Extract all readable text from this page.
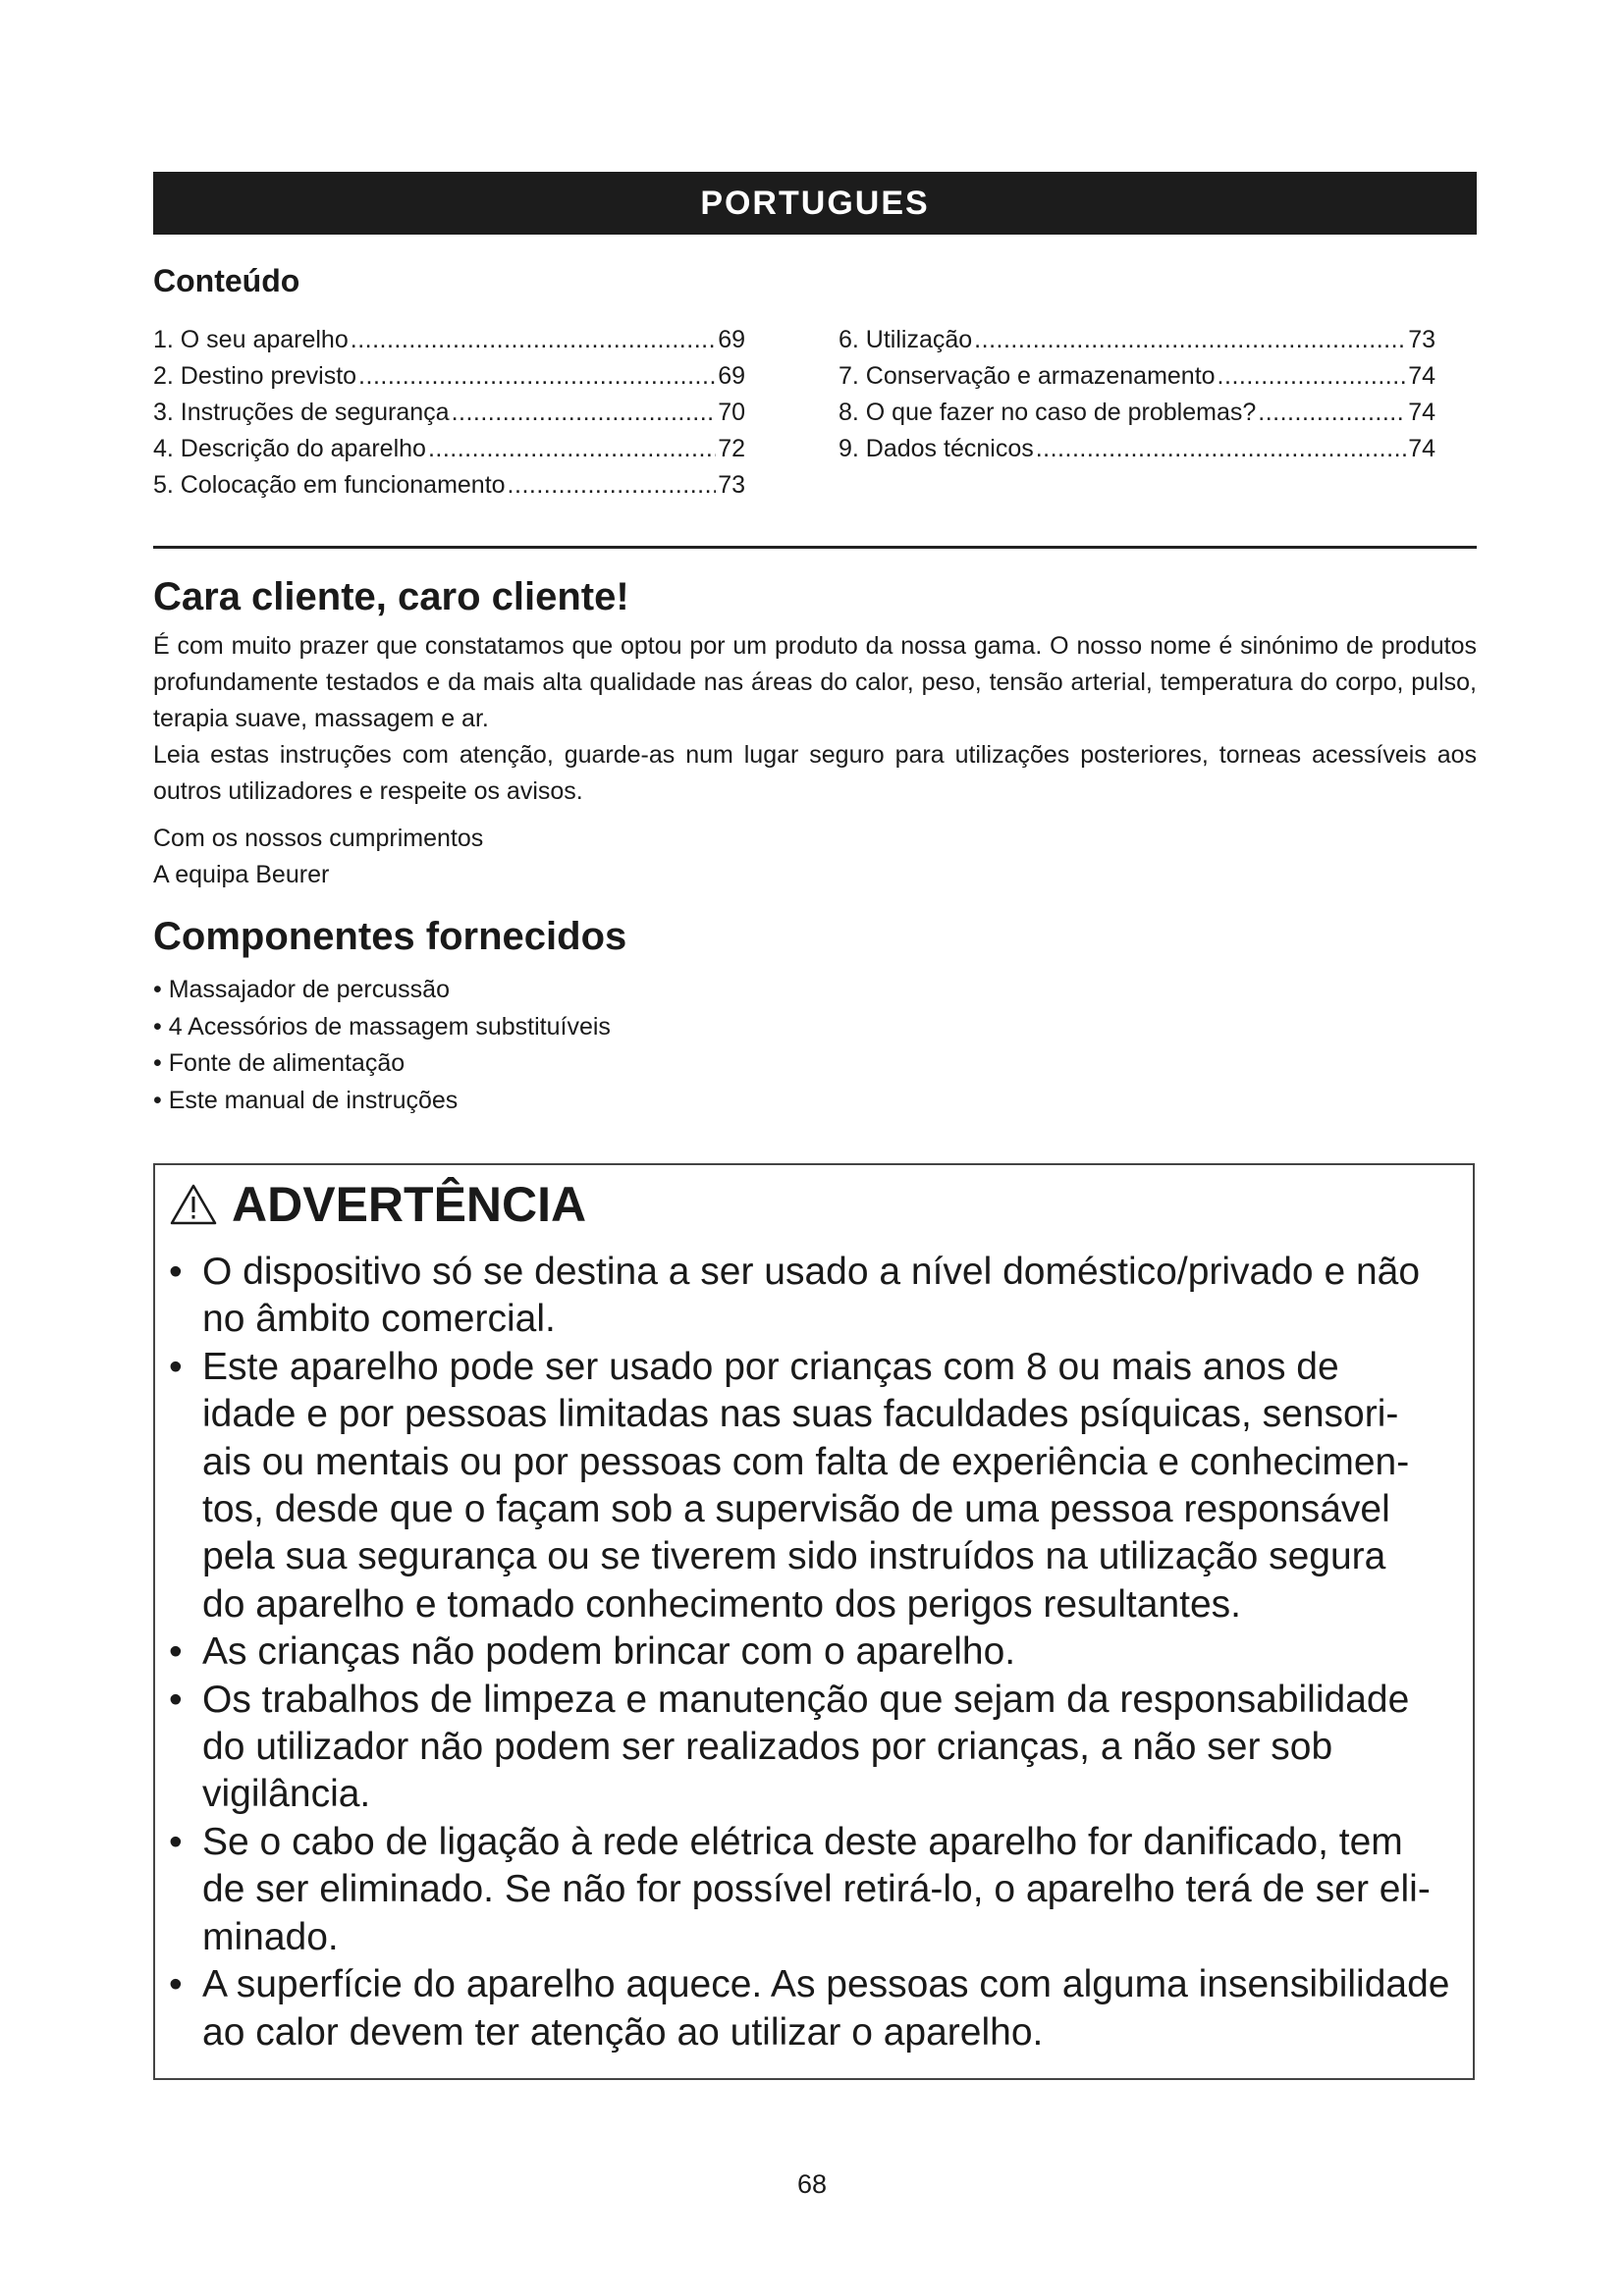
PORTUGUES
Conteúdo
1. O seu aparelho .....	69
2. Destino previsto .....	69
3. Instruções de segurança .....	70
4. Descrição do aparelho .....	72
5. Colocação em funcionamento .....	73
6. Utilização .....	73
7. Conservação e armazenamento .....	74
8. O que fazer no caso de problemas? .....	74
9. Dados técnicos .....	74
Cara cliente, caro cliente!
É com muito prazer que constatamos que optou por um produto da nossa gama. O nosso nome é sinónimo de produtos profundamente testados e da mais alta qualidade nas áreas do calor, peso, tensão arterial, temperatura do corpo, pulso, terapia suave, massagem e ar.
Leia estas instruções com atenção, guarde-as num lugar seguro para utilizações posteriores, torneas acessíveis aos outros utilizadores e respeite os avisos.
Com os nossos cumprimentos
A equipa Beurer
Componentes fornecidos
• Massajador de percussão
• 4 Acessórios de massagem substituíveis
• Fonte de alimentação
• Este manual de instruções
ADVERTÊNCIA
• O dispositivo só se destina a ser usado a nível doméstico/privado e não
no âmbito comercial.
• Este aparelho pode ser usado por crianças com 8 ou mais anos de
idade e por pessoas limitadas nas suas faculdades psíquicas, sensori-
ais ou mentais ou por pessoas com falta de experiência e conhecimen-
tos, desde que o façam sob a supervisão de uma pessoa responsável
pela sua segurança ou se tiverem sido instruídos na utilização segura
do aparelho e tomado conhecimento dos perigos resultantes.
• As crianças não podem brincar com o aparelho.
• Os trabalhos de limpeza e manutenção que sejam da responsabilidade
do utilizador não podem ser realizados por crianças, a não ser sob
vigilância.
• Se o cabo de ligação à rede elétrica deste aparelho for danificado, tem
de ser eliminado. Se não for possível retirá-lo, o aparelho terá de ser eli-
minado.
• A superfície do aparelho aquece. As pessoas com alguma insensibilidade
ao calor devem ter atenção ao utilizar o aparelho.
68
